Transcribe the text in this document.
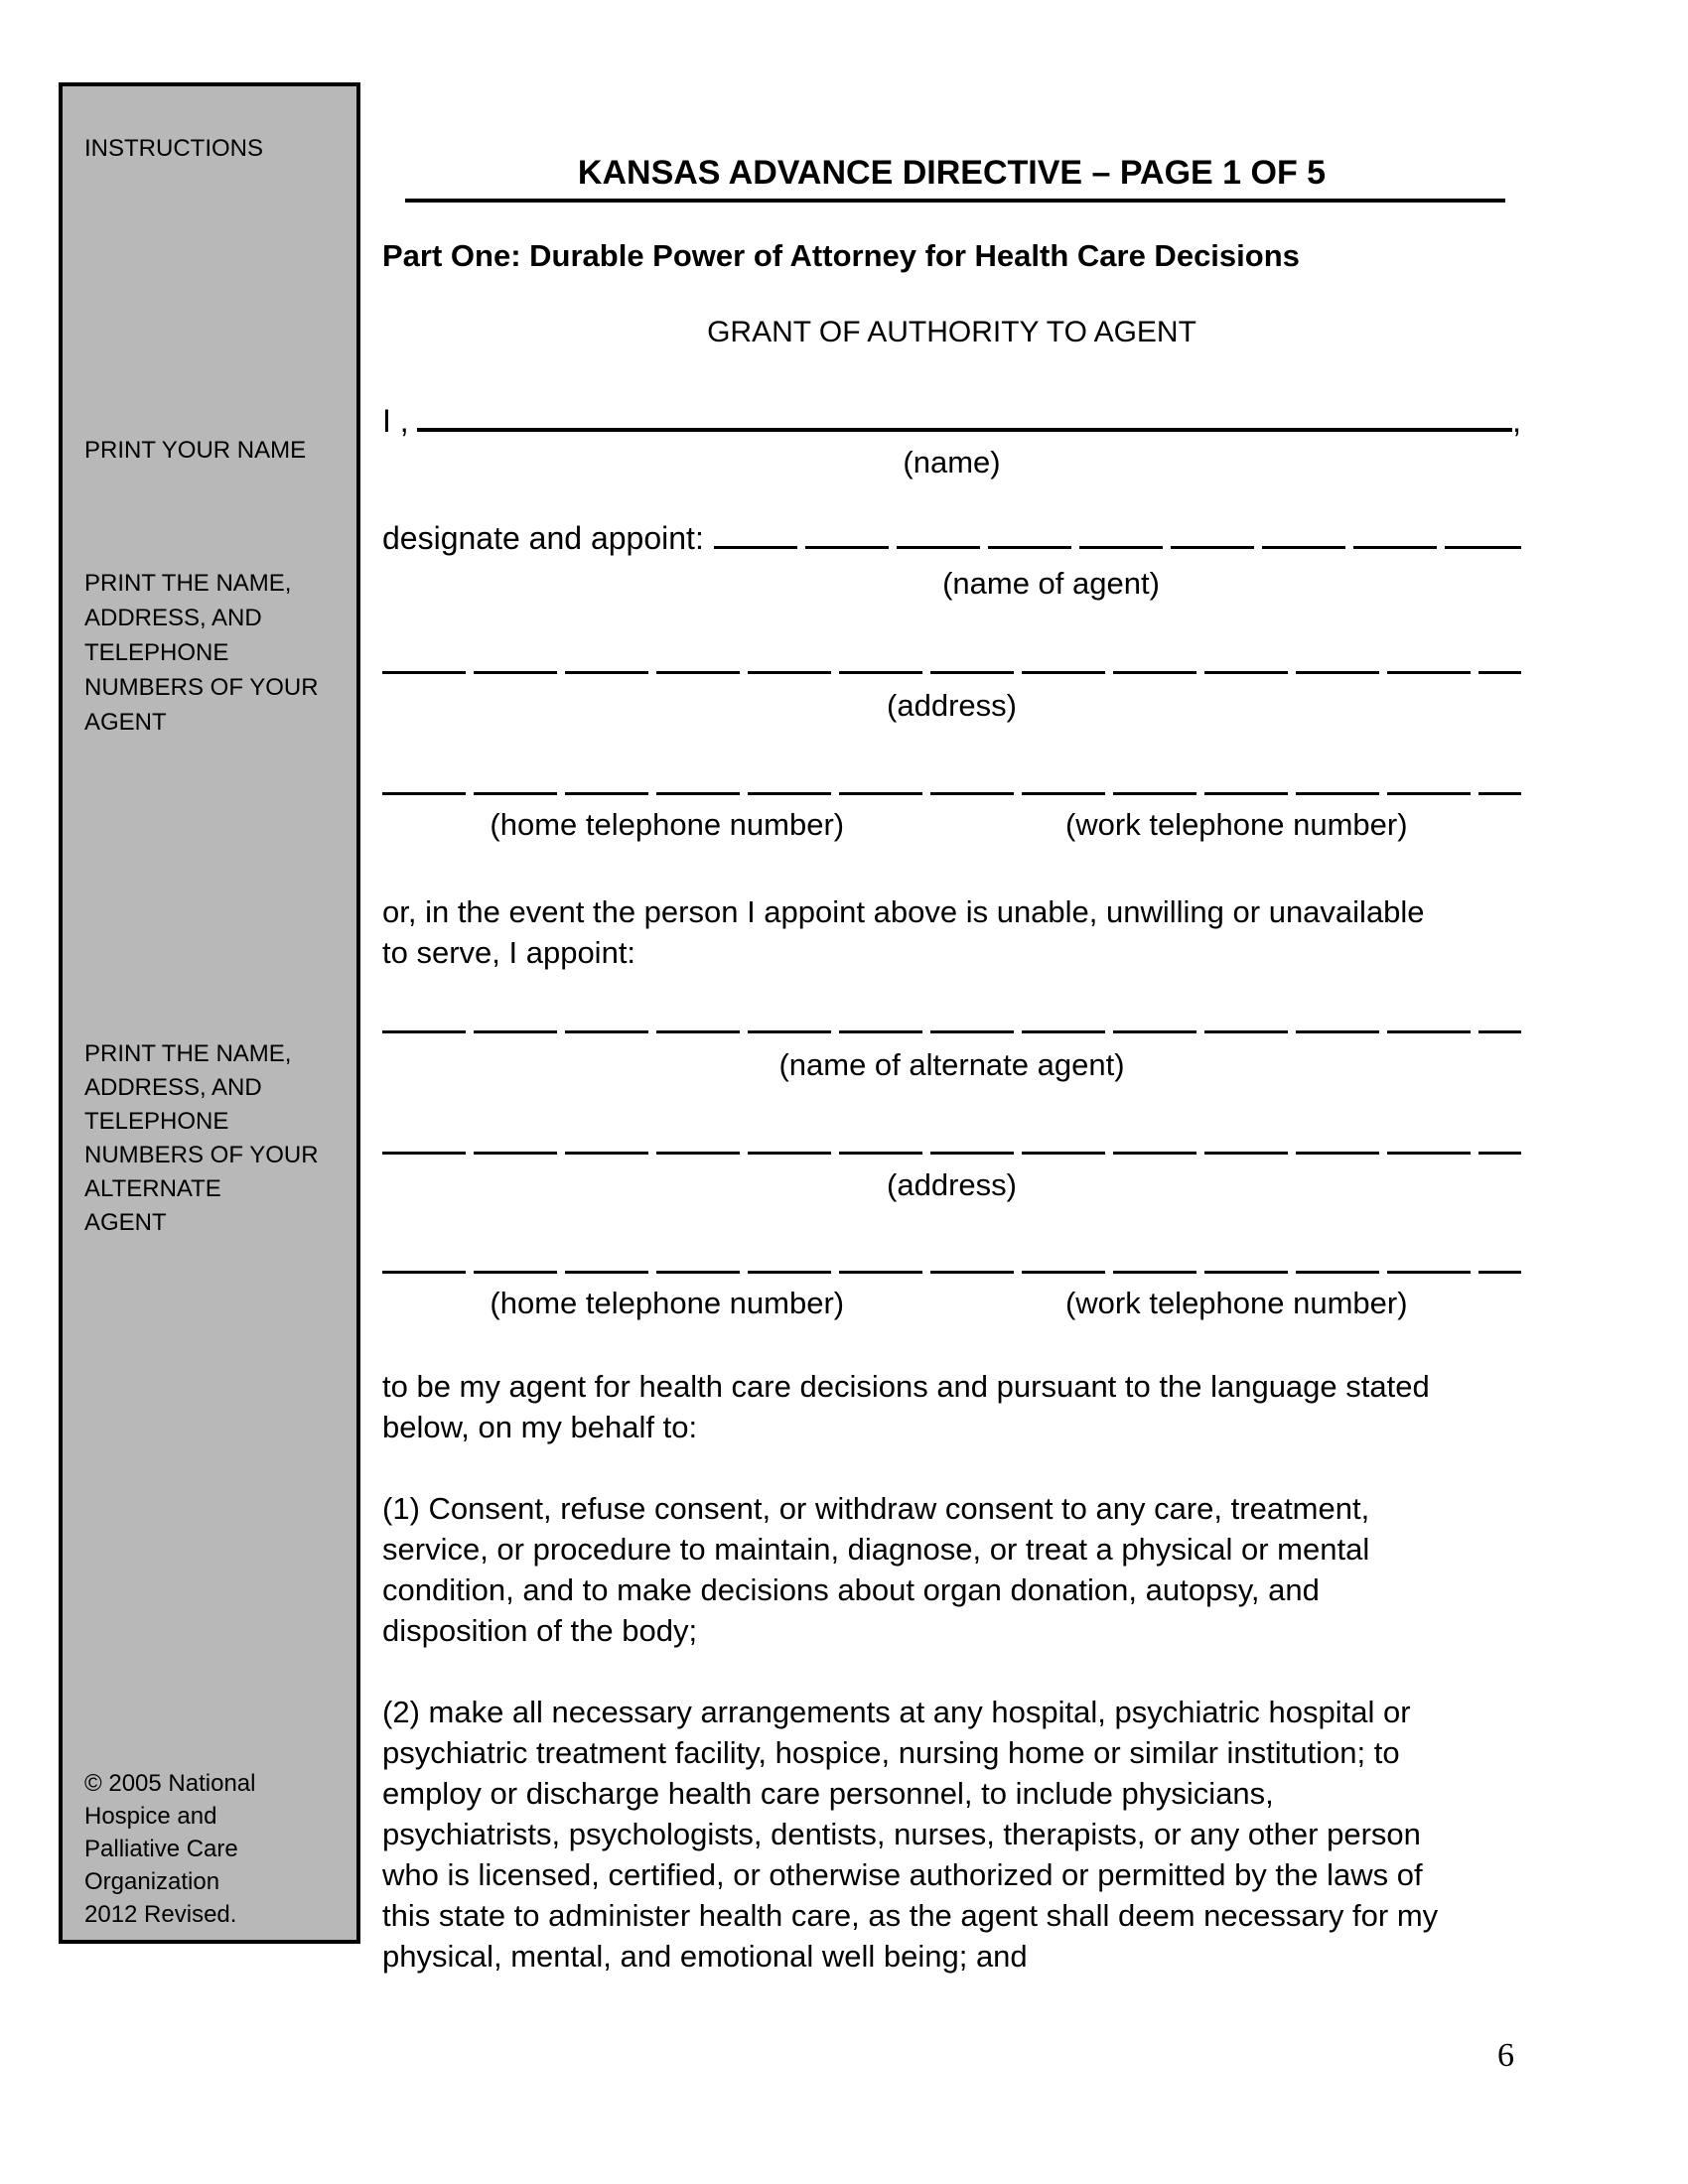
INSTRUCTIONS
PRINT YOUR NAME
PRINT THE NAME,
ADDRESS, AND
TELEPHONE
NUMBERS OF YOUR
AGENT
PRINT THE NAME,
ADDRESS, AND
TELEPHONE
NUMBERS OF YOUR
ALTERNATE
AGENT
© 2005 National
Hospice and
Palliative Care
Organization
2012 Revised.
KANSAS ADVANCE DIRECTIVE – PAGE 1 OF 5
Part One: Durable Power of Attorney for Health Care Decisions
GRANT OF AUTHORITY TO AGENT
I ,	,
(name)
designate and appoint:
(name of agent)
(address)
(home telephone number)	(work telephone number)
or, in the event the person I appoint above is unable, unwilling or unavailable
to serve, I appoint:
(name of alternate agent)
(address)
(home telephone number)	(work telephone number)
to be my agent for health care decisions and pursuant to the language stated
below, on my behalf to:
(1) Consent, refuse consent, or withdraw consent to any care, treatment,
service, or procedure to maintain, diagnose, or treat a physical or mental
condition, and to make decisions about organ donation, autopsy, and
disposition of the body;
(2) make all necessary arrangements at any hospital, psychiatric hospital or
psychiatric treatment facility, hospice, nursing home or similar institution; to
employ or discharge health care personnel, to include physicians,
psychiatrists, psychologists, dentists, nurses, therapists, or any other person
who is licensed, certified, or otherwise authorized or permitted by the laws of
this state to administer health care, as the agent shall deem necessary for my
physical, mental, and emotional well being; and
6
